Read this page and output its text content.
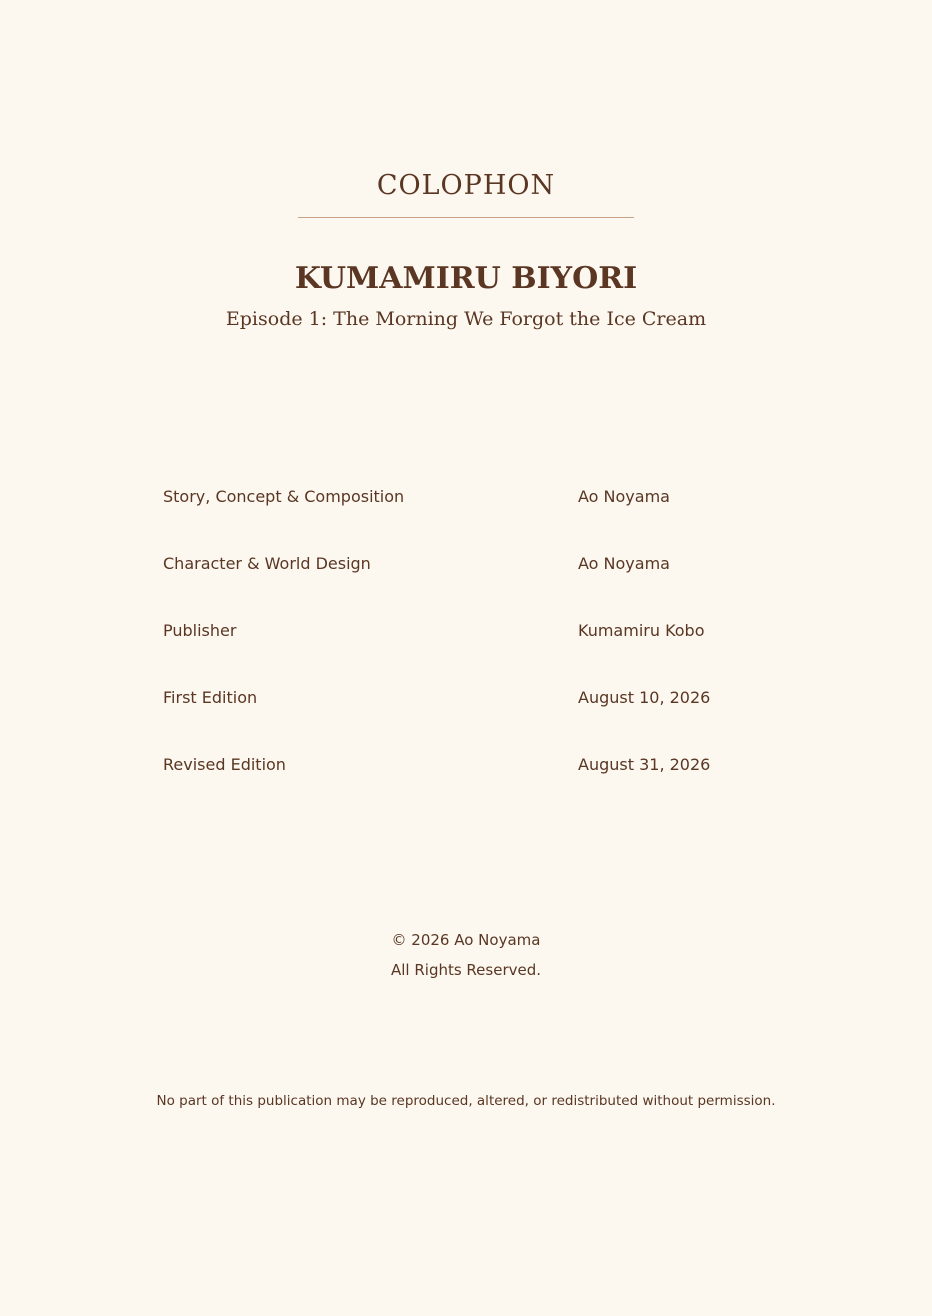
COLOPHON
KUMAMIRU BIYORI
Episode 1: The Morning We Forgot the Ice Cream
Story, Concept & Composition	Ao Noyama
Character & World Design	Ao Noyama
Publisher	Kumamiru Kobo
First Edition	August 10, 2026
Revised Edition	August 31, 2026
© 2026 Ao Noyama
All Rights Reserved.
No part of this publication may be reproduced, altered, or redistributed without permission.
